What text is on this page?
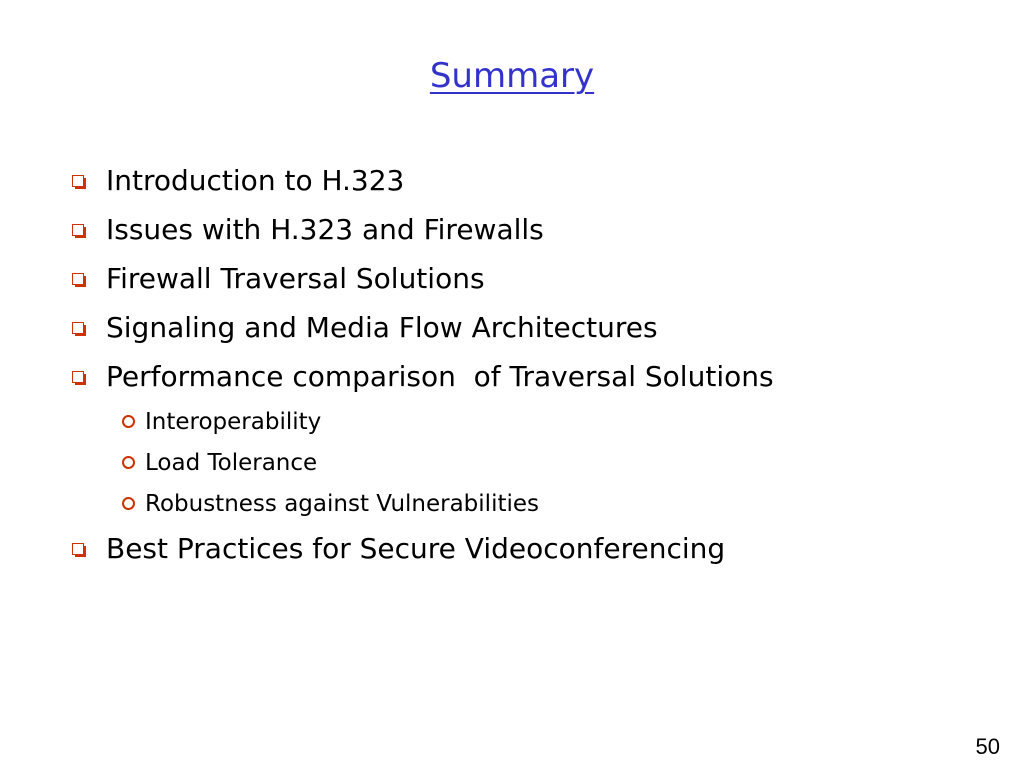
Summary
Introduction to H.323
Issues with H.323 and Firewalls
Firewall Traversal Solutions
Signaling and Media Flow Architectures
Performance comparison  of Traversal Solutions
Interoperability
Load Tolerance
Robustness against Vulnerabilities
Best Practices for Secure Videoconferencing
50
